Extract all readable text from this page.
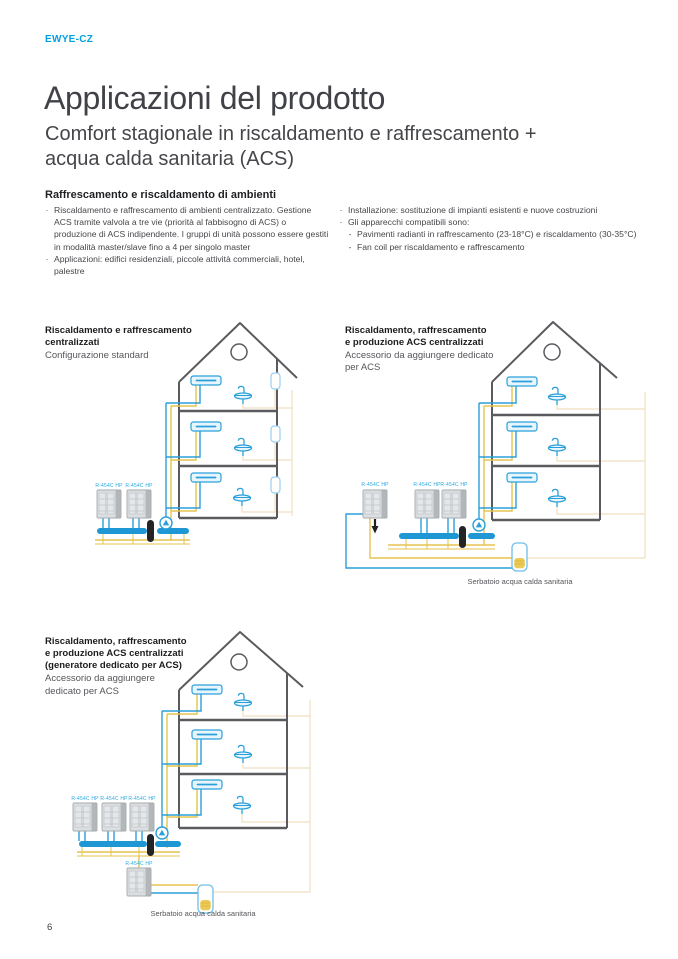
EWYE-CZ
Applicazioni del prodotto
Comfort stagionale in riscaldamento e raffrescamento +
acqua calda sanitaria (ACS)
Raffrescamento e riscaldamento di ambienti
· Riscaldamento e raffrescamento di ambienti centralizzato. Gestione ACS tramite valvola a tre vie (priorità al fabbisogno di ACS) o produzione di ACS indipendente. I gruppi di unità possono essere gestiti in modalità master/slave fino a 4 per singolo master
· Applicazioni: edifici residenziali, piccole attività commerciali, hotel, palestre
· Installazione: sostituzione di impianti esistenti e nuove costruzioni
· Gli apparecchi compatibili sono:
- Pavimenti radianti in raffrescamento (23-18°C) e riscaldamento (30-35°C)
- Fan coil per riscaldamento e raffrescamento
Riscaldamento e raffrescamento
centralizzati
Configurazione standard
R-454C HP R-454C HP
Riscaldamento, raffrescamento
e produzione ACS centralizzati
Accessorio da aggiungere dedicato
per ACS
R-454C HP	R-454C HP R-454C HP
Serbatoio acqua calda sanitaria
Riscaldamento, raffrescamento
e produzione ACS centralizzati
(generatore dedicato per ACS)
Accessorio da aggiungere
dedicato per ACS
R-454C HP R-454C HP R-454C HP
R-454C HP
Serbatoio acqua calda sanitaria
6
